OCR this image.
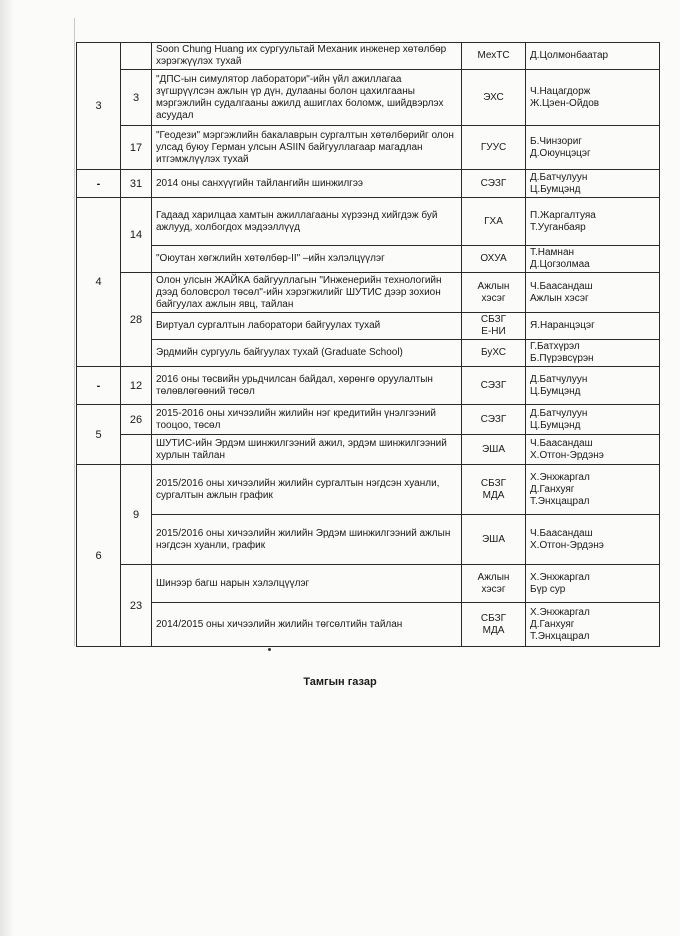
3		Soon Chung Huang их сургуультай Механик инженер хөтөлбөр хэрэгжүүлэх тухай	МехТС	Д.Цолмонбаатар
	3	"ДПС-ын симулятор лаборатори"-ийн үйл ажиллагаа зүгшрүүлсэн ажлын үр дүн, дулааны болон цахилгааны мэргэжлийн судалгааны ажилд ашиглах боломж, шийдвэрлэх асуудал	ЭХС	Ч.Нацагдорж
Ж.Цэен-Ойдов
	17	"Геодези" мэргэжлийн бакалаврын сургалтын хөтөлбөрийг олон улсад буюу Герман улсын ASIIN байгууллагаар магадлан итгэмжлүүлэх тухай	ГУУС	Б.Чинзориг
Д.Оюунцэцэг
-	31	2014 оны санхүүгийн тайлангийн шинжилгээ	СЭЗГ	Д.Батчулуун
Ц.Бумцэнд
4	14	Гадаад харилцаа хамтын ажиллагааны хүрээнд хийгдэж буй ажлууд, холбогдох мэдээллүүд	ГХА	П.Жаргалтуяа
Т.Ууганбаяр
		"Оюутан хөгжлийн хөтөлбөр-II" –ийн хэлэлцүүлэг	ОХУА	Т.Намнан
Д.Цогзолмаа
	28	Олон улсын ЖАЙКА байгууллагын "Инженерийн технологийн дээд боловсрол төсөл"-ийн хэрэгжилийг ШУТИС дээр зохион байгуулах ажлын явц, тайлан	Ажлын хэсэг	Ч.Баасандаш
Ажлын хэсэг
		Виртуал сургалтын лаборатори байгуулах тухай	СБЗГ
Е-НИ	Я.Наранцэцэг
		Эрдмийн сургууль байгуулах тухай (Graduate School)	БуХС	Г.Батхүрэл
Б.Пүрэвсүрэн
-	12	2016 оны төсвийн урьдчилсан байдал, хөрөнгө оруулалтын төлөвлөгөөний төсөл	СЭЗГ	Д.Батчулуун
Ц.Бумцэнд
5	26	2015-2016 оны хичээлийн жилийн нэг кредитийн үнэлгээний тооцоо, төсөл	СЭЗГ	Д.Батчулуун
Ц.Бумцэнд
		ШУТИС-ийн Эрдэм шинжилгээний ажил, эрдэм шинжилгээний хурлын тайлан	ЭША	Ч.Баасандаш
Х.Отгон-Эрдэнэ
6	9	2015/2016 оны хичээлийн жилийн сургалтын нэгдсэн хуанли, сургалтын ажлын график	СБЗГ
МДА	Х.Энхжаргал
Д.Ганхуяг
Т.Энхцацрал
		2015/2016 оны хичээлийн жилийн Эрдэм шинжилгээний ажлын нэгдсэн хуанли, график	ЭША	Ч.Баасандаш
Х.Отгон-Эрдэнэ
	23	Шинээр багш нарын хэлэлцүүлэг	Ажлын хэсэг	Х.Энхжаргал
Бүр сур
		2014/2015 оны хичээлийн жилийн төгсөлтийн тайлан	СБЗГ
МДА	Х.Энхжаргал
Д.Ганхуяг
Т.Энхцацрал
Тамгын газар
